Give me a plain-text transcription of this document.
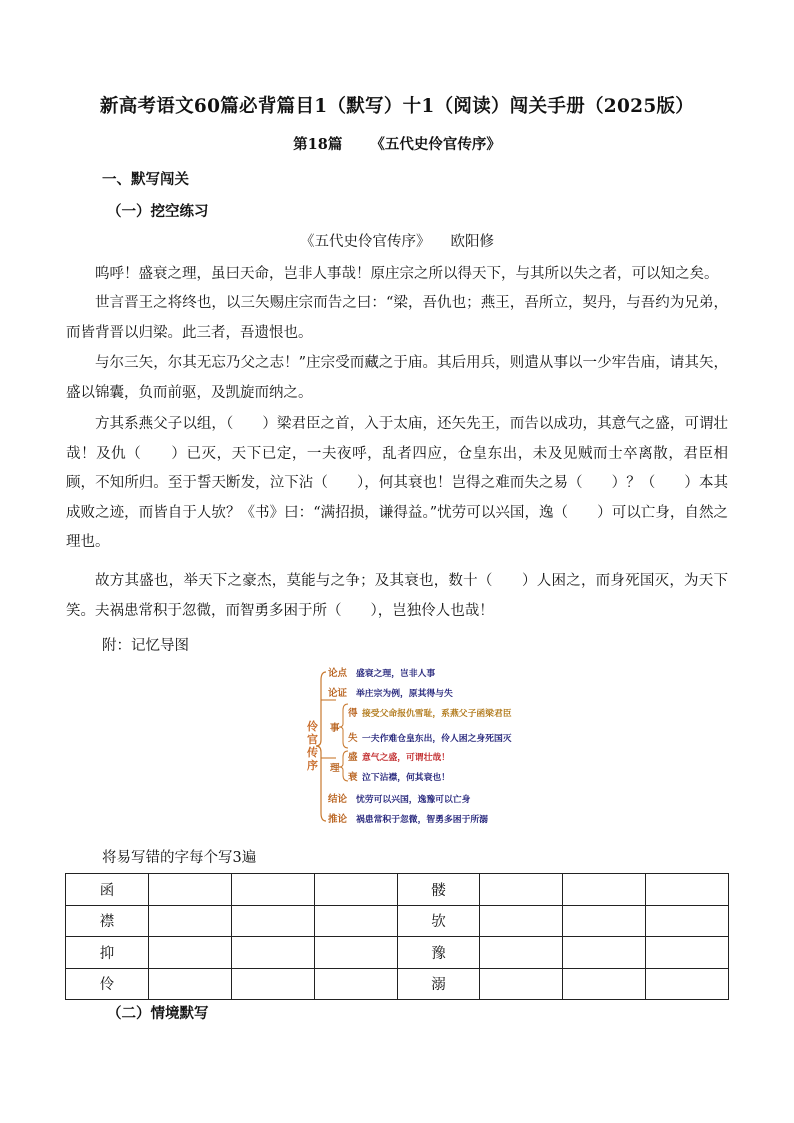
新高考语文60篇必背篇目1（默写）十1（阅读）闯关手册（2025版）
第18篇 《五代史伶官传序》
一、默写闯关
（一）挖空练习
《五代史伶官传序》 欧阳修
呜呼！盛衰之理，虽曰天命，岂非人事哉！原庄宗之所以得天下，与其所以失之者，可以知之矣。
世言晋王之将终也，以三矢赐庄宗而告之曰：“梁，吾仇也；燕王，吾所立，契丹，与吾约为兄弟，而皆背晋以归梁。此三者，吾遗恨也。
与尔三矢，尔其无忘乃父之志！”庄宗受而藏之于庙。其后用兵，则遣从事以一少牢告庙，请其矢，盛以锦囊，负而前驱，及凯旋而纳之。
方其系燕父子以组，（　　）梁君臣之首，入于太庙，还矢先王，而告以成功，其意气之盛，可谓壮哉！及仇（　　）已灭，天下已定，一夫夜呼，乱者四应，仓皇东出，未及见贼而士卒离散，君臣相顾，不知所归。至于誓天断发，泣下沾（　　），何其衰也！岂得之难而失之易（　　）？（　　）本其成败之迹，而皆自于人欤？《书》曰：“满招损，谦得益。”忧劳可以兴国，逸（　　）可以亡身，自然之理也。
故方其盛也，举天下之豪杰，莫能与之争；及其衰也，数十（　　）人困之，而身死国灭，为天下笑。夫祸患常积于忽微，而智勇多困于所（　　），岂独伶人也哉！
附：记忆导图
伶
官
传
序
事
理
论点
论证
得
失
盛
衰
结论
推论
盛衰之理，岂非人事
举庄宗为例，原其得与失
接受父命报仇雪耻，系燕父子函梁君臣
一夫作难仓皇东出，伶人困之身死国灭
意气之盛，可谓壮哉！
泣下沾襟，何其衰也！
忧劳可以兴国，逸豫可以亡身
祸患常积于忽微，智勇多困于所溺
将易写错的字每个写3遍
函				髅			
襟				欤			
抑				豫			
伶				溺			
（二）情境默写
